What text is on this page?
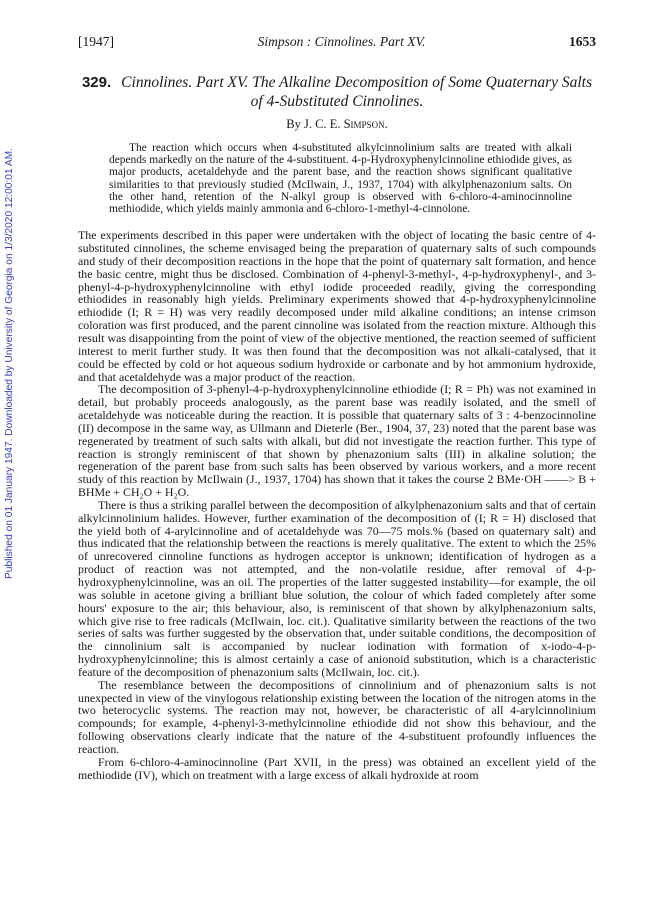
Published on 01 January 1947. Downloaded by University of Georgia on 1/3/2020 12:00:01 AM.
[1947]	Simpson : Cinnolines. Part XV.	1653
329. Cinnolines. Part XV. The Alkaline Decomposition of Some Quaternary Salts of 4-Substituted Cinnolines.
By J. C. E. Simpson.
The reaction which occurs when 4-substituted alkylcinnolinium salts are treated with alkali depends markedly on the nature of the 4-substituent. 4-p-Hydroxyphenylcinnoline ethiodide gives, as major products, acetaldehyde and the parent base, and the reaction shows significant qualitative similarities to that previously studied (McIlwain, J., 1937, 1704) with alkylphenazonium salts. On the other hand, retention of the N-alkyl group is observed with 6-chloro-4-aminocinnoline methiodide, which yields mainly ammonia and 6-chloro-1-methyl-4-cinnolone.

The experiments described in this paper were undertaken with the object of locating the basic centre of 4-substituted cinnolines, the scheme envisaged being the preparation of quaternary salts of such compounds and study of their decomposition reactions in the hope that the point of quaternary salt formation, and hence the basic centre, might thus be disclosed. Combination of 4-phenyl-3-methyl-, 4-p-hydroxyphenyl-, and 3-phenyl-4-p-hydroxyphenylcinnoline with ethyl iodide proceeded readily, giving the corresponding ethiodides in reasonably high yields. Preliminary experiments showed that 4-p-hydroxyphenylcinnoline ethiodide (I; R = H) was very readily decomposed under mild alkaline conditions; an intense crimson coloration was first produced, and the parent cinnoline was isolated from the reaction mixture. Although this result was disappointing from the point of view of the objective mentioned, the reaction seemed of sufficient interest to merit further study. It was then found that the decomposition was not alkali-catalysed, that it could be effected by cold or hot aqueous sodium hydroxide or carbonate and by hot ammonium hydroxide, and that acetaldehyde was a major product of the reaction.

The decomposition of 3-phenyl-4-p-hydroxyphenylcinnoline ethiodide (I; R = Ph) was not examined in detail, but probably proceeds analogously, as the parent base was readily isolated, and the smell of acetaldehyde was noticeable during the reaction. It is possible that quaternary salts of 3 : 4-benzocinnoline (II) decompose in the same way, as Ullmann and Dieterle (Ber., 1904, 37, 23) noted that the parent base was regenerated by treatment of such salts with alkali, but did not investigate the reaction further. This type of reaction is strongly reminiscent of that shown by phenazonium salts (III) in alkaline solution; the regeneration of the parent base from such salts has been observed by various workers, and a more recent study of this reaction by McIlwain (J., 1937, 1704) has shown that it takes the course 2 BMe·OH ——> B + BHMe + CH₂O + H₂O.

There is thus a striking parallel between the decomposition of alkylphenazonium salts and that of certain alkylcinnolinium halides. However, further examination of the decomposition of (I; R = H) disclosed that the yield both of 4-arylcinnoline and of acetaldehyde was 70—75 mols.% (based on quaternary salt) and thus indicated that the relationship between the reactions is merely qualitative. The extent to which the 25% of unrecovered cinnoline functions as hydrogen acceptor is unknown; identification of hydrogen as a product of reaction was not attempted, and the non-volatile residue, after removal of 4-p-hydroxyphenylcinnoline, was an oil. The properties of the latter suggested instability—for example, the oil was soluble in acetone giving a brilliant blue solution, the colour of which faded completely after some hours' exposure to the air; this behaviour, also, is reminiscent of that shown by alkylphenazonium salts, which give rise to free radicals (McIlwain, loc. cit.). Qualitative similarity between the reactions of the two series of salts was further suggested by the observation that, under suitable conditions, the decomposition of the cinnolinium salt is accompanied by nuclear iodination with formation of x-iodo-4-p-hydroxyphenylcinnoline; this is almost certainly a case of anionoid substitution, which is a characteristic feature of the decomposition of phenazonium salts (McIlwain, loc. cit.).

The resemblance between the decompositions of cinnolinium and of phenazonium salts is not unexpected in view of the vinylogous relationship existing between the location of the nitrogen atoms in the two heterocyclic systems. The reaction may not, however, be characteristic of all 4-arylcinnolinium compounds; for example, 4-phenyl-3-methylcinnoline ethiodide did not show this behaviour, and the following observations clearly indicate that the nature of the 4-substituent profoundly influences the reaction.

From 6-chloro-4-aminocinnoline (Part XVII, in the press) was obtained an excellent yield of the methiodide (IV), which on treatment with a large excess of alkali hydroxide at room
